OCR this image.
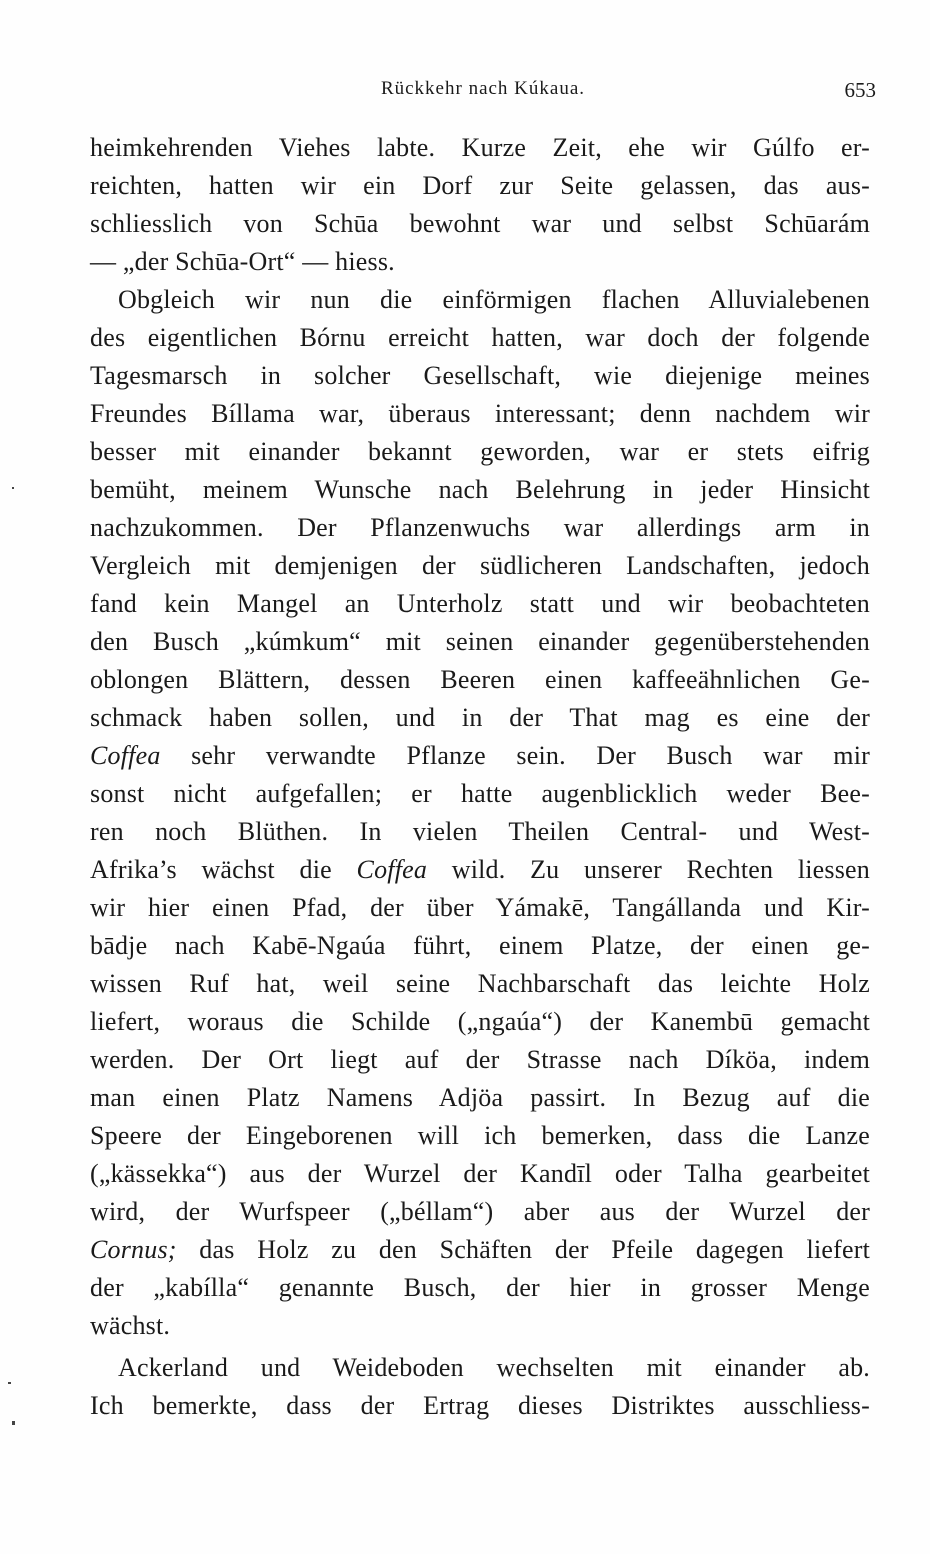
Rückkehr nach Kúkaua.	653
heimkehrenden Viehes labte. Kurze Zeit, ehe wir Gúlfo er-
reichten, hatten wir ein Dorf zur Seite gelassen, das aus-
schliesslich von Schūa bewohnt war und selbst Schūarám
— „der Schūa-Ort“ — hiess.
Obgleich wir nun die einförmigen flachen Alluvialebenen
des eigentlichen Bórnu erreicht hatten, war doch der folgende
Tagesmarsch in solcher Gesellschaft, wie diejenige meines
Freundes Bíllama war, überaus interessant; denn nachdem wir
besser mit einander bekannt geworden, war er stets eifrig
bemüht, meinem Wunsche nach Belehrung in jeder Hinsicht
nachzukommen. Der Pflanzenwuchs war allerdings arm in
Vergleich mit demjenigen der südlicheren Landschaften, jedoch
fand kein Mangel an Unterholz statt und wir beobachteten
den Busch „kúmkum“ mit seinen einander gegenüberstehenden
oblongen Blättern, dessen Beeren einen kaffeeähnlichen Ge-
schmack haben sollen, und in der That mag es eine der
Coffea sehr verwandte Pflanze sein. Der Busch war mir
sonst nicht aufgefallen; er hatte augenblicklich weder Bee-
ren noch Blüthen. In vielen Theilen Central- und West-
Afrika’s wächst die Coffea wild. Zu unserer Rechten liessen
wir hier einen Pfad, der über Yámakē, Tangállanda und Kir-
bādje nach Kabē-Ngaúa führt, einem Platze, der einen ge-
wissen Ruf hat, weil seine Nachbarschaft das leichte Holz
liefert, woraus die Schilde („ngaúa“) der Kanembū gemacht
werden. Der Ort liegt auf der Strasse nach Díköa, indem
man einen Platz Namens Adjöa passirt. In Bezug auf die
Speere der Eingeborenen will ich bemerken, dass die Lanze
(„kässekka“) aus der Wurzel der Kandīl oder Talha gearbeitet
wird, der Wurfspeer („béllam“) aber aus der Wurzel der
Cornus; das Holz zu den Schäften der Pfeile dagegen liefert
der „kabílla“ genannte Busch, der hier in grosser Menge
wächst.
Ackerland und Weideboden wechselten mit einander ab.
Ich bemerkte, dass der Ertrag dieses Distriktes ausschliess-
